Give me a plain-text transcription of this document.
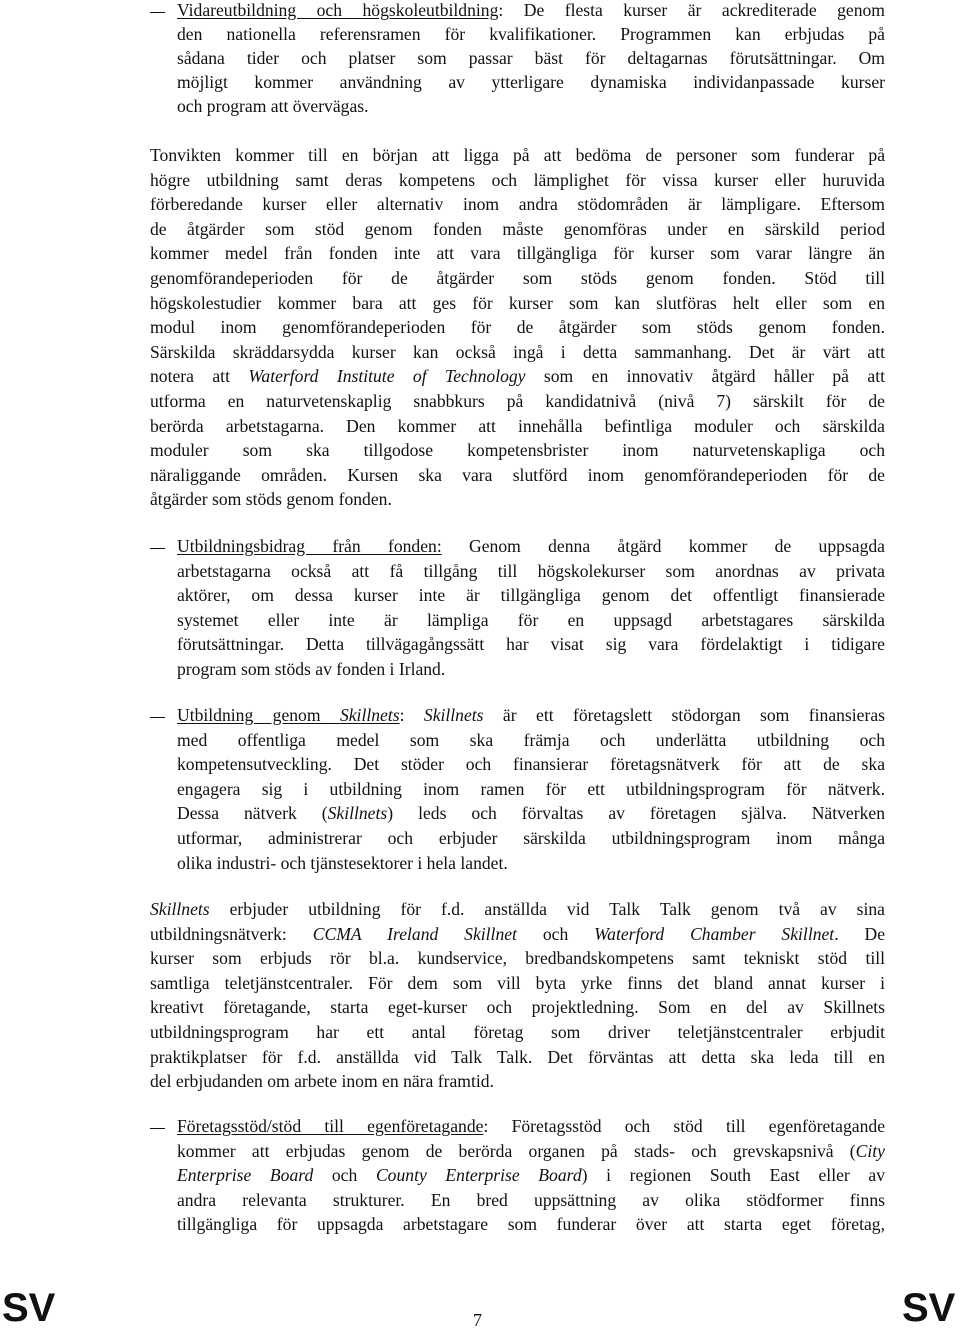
Vidareutbildning och högskoleutbildning: De flesta kurser är ackrediterade genom
den nationella referensramen för kvalifikationer. Programmen kan erbjudas på
sådana tider och platser som passar bäst för deltagarnas förutsättningar. Om
möjligt kommer användning av ytterligare dynamiska individanpassade kurser
och program att övervägas.
Tonvikten kommer till en början att ligga på att bedöma de personer som funderar på
högre utbildning samt deras kompetens och lämplighet för vissa kurser eller huruvida
förberedande kurser eller alternativ inom andra stödområden är lämpligare. Eftersom
de åtgärder som stöd genom fonden måste genomföras under en särskild period
kommer medel från fonden inte att vara tillgängliga för kurser som varar längre än
genomförandeperioden för de åtgärder som stöds genom fonden. Stöd till
högskolestudier kommer bara att ges för kurser som kan slutföras helt eller som en
modul inom genomförandeperioden för de åtgärder som stöds genom fonden.
Särskilda skräddarsydda kurser kan också ingå i detta sammanhang. Det är värt att
notera att Waterford Institute of Technology som en innovativ åtgärd håller på att
utforma en naturvetenskaplig snabbkurs på kandidatnivå (nivå 7) särskilt för de
berörda arbetstagarna. Den kommer att innehålla befintliga moduler och särskilda
moduler som ska tillgodose kompetensbrister inom naturvetenskapliga och
näraliggande områden. Kursen ska vara slutförd inom genomförandeperioden för de
åtgärder som stöds genom fonden.
Utbildningsbidrag från fonden: Genom denna åtgärd kommer de uppsagda
arbetstagarna också att få tillgång till högskolekurser som anordnas av privata
aktörer, om dessa kurser inte är tillgängliga genom det offentligt finansierade
systemet eller inte är lämpliga för en uppsagd arbetstagares särskilda
förutsättningar. Detta tillvägagångssätt har visat sig vara fördelaktigt i tidigare
program som stöds av fonden i Irland.
Utbildning genom Skillnets: Skillnets är ett företagslett stödorgan som finansieras
med offentliga medel som ska främja och underlätta utbildning och
kompetensutveckling. Det stöder och finansierar företagsnätverk för att de ska
engagera sig i utbildning inom ramen för ett utbildningsprogram för nätverk.
Dessa nätverk (Skillnets) leds och förvaltas av företagen själva. Nätverken
utformar, administrerar och erbjuder särskilda utbildningsprogram inom många
olika industri- och tjänstesektorer i hela landet.
Skillnets erbjuder utbildning för f.d. anställda vid Talk Talk genom två av sina
utbildningsnätverk: CCMA Ireland Skillnet och Waterford Chamber Skillnet. De
kurser som erbjuds rör bl.a. kundservice, bredbandskompetens samt tekniskt stöd till
samtliga teletjänstcentraler. För dem som vill byta yrke finns det bland annat kurser i
kreativt företagande, starta eget-kurser och projektledning. Som en del av Skillnets
utbildningsprogram har ett antal företag som driver teletjänstcentraler erbjudit
praktikplatser för f.d. anställda vid Talk Talk. Det förväntas att detta ska leda till en
del erbjudanden om arbete inom en nära framtid.
Företagsstöd/stöd till egenföretagande: Företagsstöd och stöd till egenföretagande
kommer att erbjudas genom de berörda organen på stads- och grevskapsnivå (City
Enterprise Board och County Enterprise Board) i regionen South East eller av
andra relevanta strukturer. En bred uppsättning av olika stödformer finns
tillgängliga för uppsagda arbetstagare som funderar över att starta eget företag,
SV	7	SV
